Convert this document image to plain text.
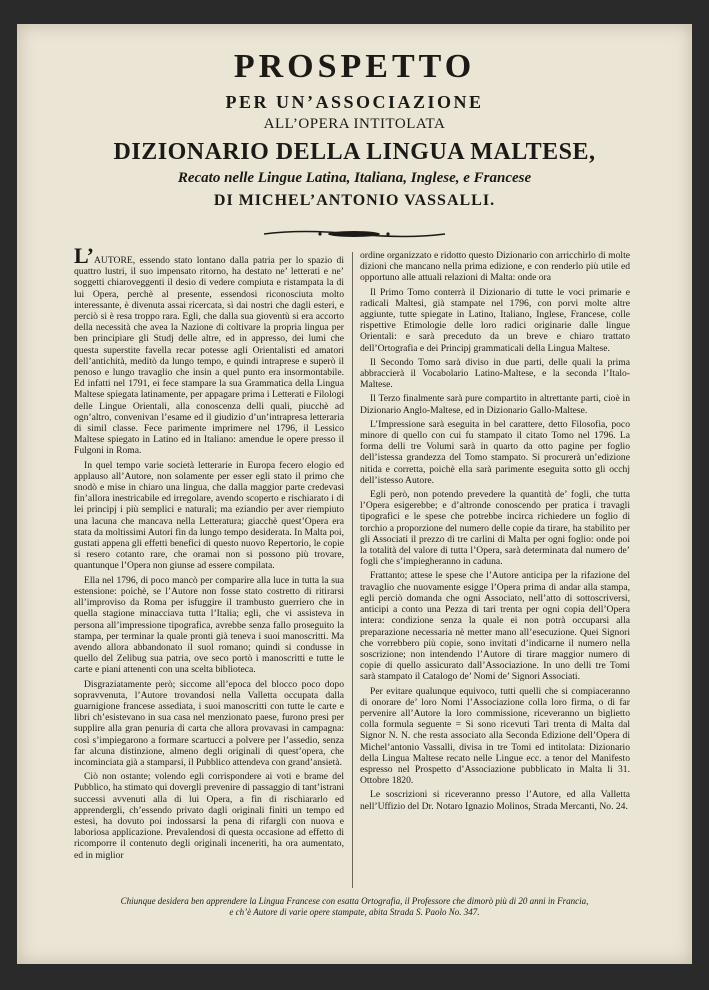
PROSPETTO
PER UN’ASSOCIAZIONE
ALL’OPERA INTITOLATA
DIZIONARIO DELLA LINGUA MALTESE,
Recato nelle Lingue Latina, Italiana, Inglese, e Francese
DI MICHEL’ANTONIO VASSALLI.

L’AUTORE, essendo stato lontano dalla patria per lo spazio di quattro lustri, il suo impensato ritorno, ha destato ne’ letterati e ne’ soggetti chiaroveggenti il desio di vedere compiuta e ristampata la di lui Opera, perchè al presente, essendosi riconosciuta molto interessante, è divenuta assai ricercata, sì dai nostri che dagli esteri, e perciò si è resa troppo rara. Egli, che dalla sua gioventù si era accorto della necessità che avea la Nazione di coltivare la propria lingua per ben principiare gli Studj delle altre, ed in appresso, dei lumi che questa superstite favella recar potesse agli Orientalisti ed amatori dell’antichità, meditò da lungo tempo, e quindi intraprese e superò il penoso e lungo travaglio che insin a quel punto era insormontabile. Ed infatti nel 1791, ei fece stampare la sua Grammatica della Lingua Maltese spiegata latinamente, per appagare prima i Letterati e Filologi delle Lingue Orientali, alla conoscenza delli quali, piucchè ad ogn’altro, convenivan l’esame ed il giudizio d’un’intrapresa letteraria di simil classe. Fece parimente imprimere nel 1796, il Lessico Maltese spiegato in Latino ed in Italiano: amendue le opere presso il Fulgoni in Roma.

In quel tempo varie società letterarie in Europa fecero elogio ed applauso all’Autore, non solamente per esser egli stato il primo che snodò e mise in chiaro una lingua, che dalla maggior parte credevasi fin’allora inestricabile ed irregolare, avendo scoperto e rischiarato i di lei principj i più semplici e naturali; ma eziandio per aver riempiuto una lacuna che mancava nella Letteratura; giacchè quest’Opera era stata da moltissimi Autori fin da lungo tempo desiderata. In Malta poi, gustati appena gli effetti benefici di questo nuovo Repertorio, le copie si resero cotanto rare, che oramai non si possono più trovare, quantunque l’Opera non giunse ad essere compilata.

Ella nel 1796, di poco mancò per comparire alla luce in tutta la sua estensione: poichè, se l’Autore non fosse stato costretto di ritirarsi all’improviso da Roma per isfuggire il trambusto guerriero che in quella stagione minacciava tutta l’Italia; egli, che vi assisteva in persona all’impressione tipografica, avrebbe senza fallo proseguito la stampa, per terminar la quale pronti già teneva i suoi manoscritti. Ma avendo allora abbandonato il suol romano; quindi si condusse in quello del Zelibug sua patria, ove seco portò i manoscritti e tutte le carte e piani attenenti con una scelta biblioteca.

Disgraziatamente però; siccome all’epoca del blocco poco dopo sopravvenuta, l’Autore trovandosi nella Valletta occupata dalla guarnigione francese assediata, i suoi manoscritti con tutte le carte e libri ch’esistevano in sua casa nel menzionato paese, furono presi per supplire alla gran penuria di carta che allora provavasi in campagna: così s’impiegarono a formare scartucci a polvere per l’assedio, senza far alcuna distinzione, almeno degli originali di quest’opera, che incominciata già a stamparsi, il Pubblico attendeva con grand’ansietà.

Ciò non ostante; volendo egli corrispondere ai voti e brame del Pubblico, ha stimato qui dovergli prevenire di passaggio di tant’istrani successi avvenuti alla di lui Opera, a fin di rischiararlo ed apprendergli, ch’essendo privato dagli originali finiti un tempo ed estesi, ha dovuto poi indossarsi la pena di rifargli con nuova e laboriosa applicazione. Prevalendosi di questa occasione ad effetto di ricomporre il contenuto degli originali inceneriti, ha ora aumentato, ed in miglior

ordine organizzato e ridotto questo Dizionario con arricchirlo di molte dizioni che mancano nella prima edizione, e con renderlo più utile ed opportuno alle attuali relazioni di Malta: onde ora

Il Primo Tomo conterrà il Dizionario di tutte le voci primarie e radicali Maltesi, già stampate nel 1796, con porvi molte altre aggiunte, tutte spiegate in Latino, Italiano, Inglese, Francese, colle rispettive Etimologie delle loro radici originarie dalle lingue Orientali: e sarà preceduto da un breve e chiaro trattato dell’Ortografia e dei Principj grammaticali della Lingua Maltese.

Il Secondo Tomo sarà diviso in due parti, delle quali la prima abbraccierà il Vocabolario Latino-Maltese, e la seconda l’Italo-Maltese.

Il Terzo finalmente sarà pure compartito in altrettante parti, cioè in Dizionario Anglo-Maltese, ed in Dizionario Gallo-Maltese.

L’Impressione sarà eseguita in bel carattere, detto Filosofia, poco minore di quello con cui fu stampato il citato Tomo nel 1796. La forma delli tre Volumi sarà in quarto da otto pagine per foglio dell’istessa grandezza del Tomo stampato. Si procurerà un’edizione nitida e corretta, poichè ella sarà parimente eseguita sotto gli occhj dell’istesso Autore.

Egli però, non potendo prevedere la quantità de’ fogli, che tutta l’Opera esigerebbe; e d’altronde conoscendo per pratica i travagli tipografici e le spese che potrebbe incirca richiedere un foglio di torchio a proporzione del numero delle copie da tirare, ha stabilito per gli Associati il prezzo di tre carlini di Malta per ogni foglio: onde poi la totalità del valore di tutta l’Opera, sarà determinata dal numero de’ fogli che s’impiegheranno in caduna.

Frattanto; attese le spese che l’Autore anticipa per la rifazione del travaglio che nuovamente esigge l’Opera prima di andar alla stampa, egli perciò domanda che ogni Associato, nell’atto di sottoscriversi, anticipi a conto una Pezza di tarì trenta per ogni copia dell’Opera intera: condizione senza la quale ei non potrà occuparsi alla preparazione necessaria nè metter mano all’esecuzione. Quei Signori che vorrebbero più copie, sono invitati d’indicarne il numero nella soscrizione; non intendendo l’Autore di tirare maggior numero di copie di quello assicurato dall’Associazione. In uno delli tre Tomi sarà stampato il Catalogo de’ Nomi de’ Signori Associati.

Per evitare qualunque equivoco, tutti quelli che si compiaceranno di onorare de’ loro Nomi l’Associazione colla loro firma, o di far pervenire all’Autore la loro commissione, riceveranno un biglietto colla formula seguente = Si sono ricevuti Tarì trenta di Malta dal Signor N. N. che resta associato alla Seconda Edizione dell’Opera di Michel’antonio Vassalli, divisa in tre Tomi ed intitolata: Dizionario della Lingua Maltese recato nelle Lingue ecc. a tenor del Manifesto espresso nel Prospetto d’Associazione pubblicato in Malta li 31. Ottobre 1820.

Le soscrizioni si riceveranno presso l’Autore, ed alla Valletta nell’Uffizio del Dr. Notaro Ignazio Molinos, Strada Mercanti, No. 24.

Chiunque desidera ben apprendere la Lingua Francese con esatta Ortografia, il Professore che dimorò più di 20 anni in Francia,
e ch’è Autore di varie opere stampate, abita Strada S. Paolo No. 347.
